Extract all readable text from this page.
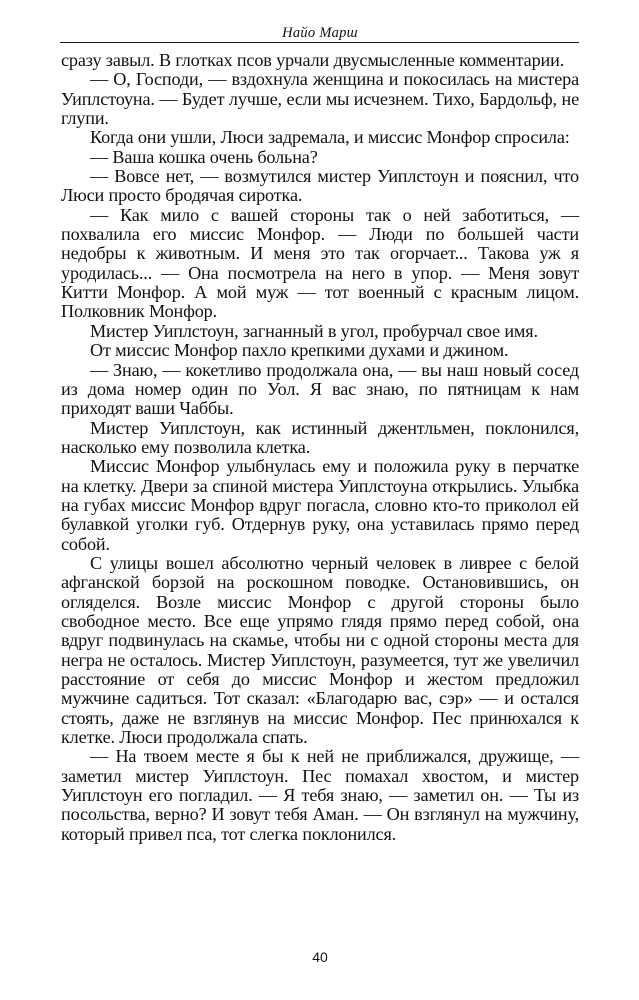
Найо Марш

сразу завыл. В глотках псов урчали двусмысленные комментарии.

— О, Господи, — вздохнула женщина и покосилась на мистера Уиплстоуна. — Будет лучше, если мы исчезнем. Тихо, Бардольф, не глупи.

Когда они ушли, Люси задремала, и миссис Монфор спросила:

— Ваша кошка очень больна?

— Вовсе нет, — возмутился мистер Уиплстоун и пояснил, что Люси просто бродячая сиротка.

— Как мило с вашей стороны так о ней заботиться, — похвалила его миссис Монфор. — Люди по большей части недобры к животным. И меня это так огорчает... Такова уж я уродилась... — Она посмотрела на него в упор. — Меня зовут Китти Монфор. А мой муж — тот военный с красным лицом. Полковник Монфор.

Мистер Уиплстоун, загнанный в угол, пробурчал свое имя.

От миссис Монфор пахло крепкими духами и джином.

— Знаю, — кокетливо продолжала она, — вы наш новый сосед из дома номер один по Уол. Я вас знаю, по пятницам к нам приходят ваши Чаббы.

Мистер Уиплстоун, как истинный джентльмен, поклонился, насколько ему позволила клетка.

Миссис Монфор улыбнулась ему и положила руку в перчатке на клетку. Двери за спиной мистера Уиплстоуна открылись. Улыбка на губах миссис Монфор вдруг погасла, словно кто-то приколол ей булавкой уголки губ. Отдернув руку, она уставилась прямо перед собой.

С улицы вошел абсолютно черный человек в ливрее с белой афганской борзой на роскошном поводке. Остановившись, он огляделся. Возле миссис Монфор с другой стороны было свободное место. Все еще упрямо глядя прямо перед собой, она вдруг подвинулась на скамье, чтобы ни с одной стороны места для негра не осталось. Мистер Уиплстоун, разумеется, тут же увеличил расстояние от себя до миссис Монфор и жестом предложил мужчине садиться. Тот сказал: «Благодарю вас, сэр» — и остался стоять, даже не взглянув на миссис Монфор. Пес принюхался к клетке. Люси продолжала спать.

— На твоем месте я бы к ней не приближался, дружище, — заметил мистер Уиплстоун. Пес помахал хвостом, и мистер Уиплстоун его погладил. — Я тебя знаю, — заметил он. — Ты из посольства, верно? И зовут тебя Аман. — Он взглянул на мужчину, который привел пса, тот слегка поклонился.

40
